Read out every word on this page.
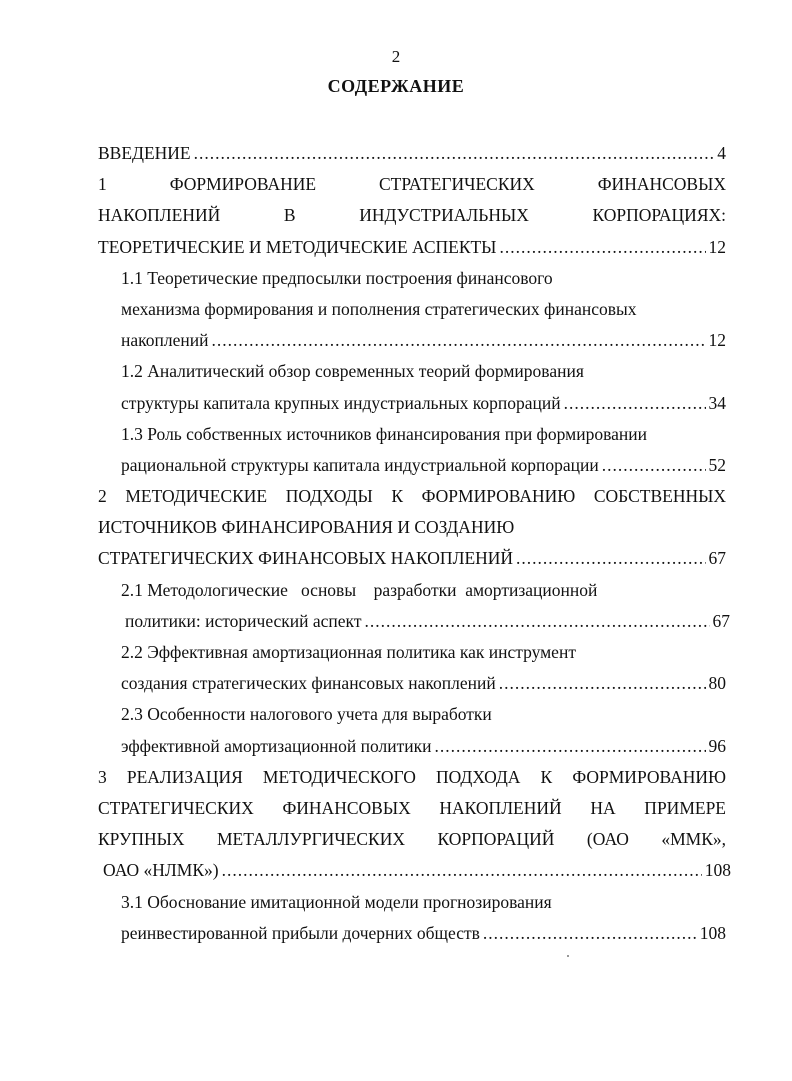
2
СОДЕРЖАНИЕ
ВВЕДЕНИЕ .....	4
1 ФОРМИРОВАНИЕ СТРАТЕГИЧЕСКИХ ФИНАНСОВЫХ
НАКОПЛЕНИЙ В ИНДУСТРИАЛЬНЫХ КОРПОРАЦИЯХ:
ТЕОРЕТИЧЕСКИЕ И МЕТОДИЧЕСКИЕ АСПЕКТЫ .....	12
1.1 Теоретические предпосылки построения финансового
механизма формирования и пополнения стратегических финансовых
накоплений .....	12
1.2 Аналитический обзор современных теорий формирования
структуры капитала крупных индустриальных корпораций .....	34
1.3 Роль собственных источников финансирования при формировании
рациональной структуры капитала индустриальной корпорации .....	52
2 МЕТОДИЧЕСКИЕ ПОДХОДЫ К ФОРМИРОВАНИЮ СОБСТВЕННЫХ
ИСТОЧНИКОВ ФИНАНСИРОВАНИЯ И СОЗДАНИЮ
СТРАТЕГИЧЕСКИХ ФИНАНСОВЫХ НАКОПЛЕНИЙ .....	67
2.1 Методологические   основы    разработки  амортизационной
политики: исторический аспект .....	67
2.2 Эффективная амортизационная политика как инструмент
создания стратегических финансовых накоплений .....	80
2.3 Особенности налогового учета для выработки
эффективной амортизационной политики .....	96
3 РЕАЛИЗАЦИЯ МЕТОДИЧЕСКОГО ПОДХОДА К ФОРМИРОВАНИЮ
СТРАТЕГИЧЕСКИХ ФИНАНСОВЫХ НАКОПЛЕНИЙ НА ПРИМЕРЕ
КРУПНЫХ МЕТАЛЛУРГИЧЕСКИХ КОРПОРАЦИЙ (ОАО «ММК»,
ОАО «НЛМК») .....	108
3.1 Обоснование имитационной модели прогнозирования
реинвестированной прибыли дочерних обществ .....	108
